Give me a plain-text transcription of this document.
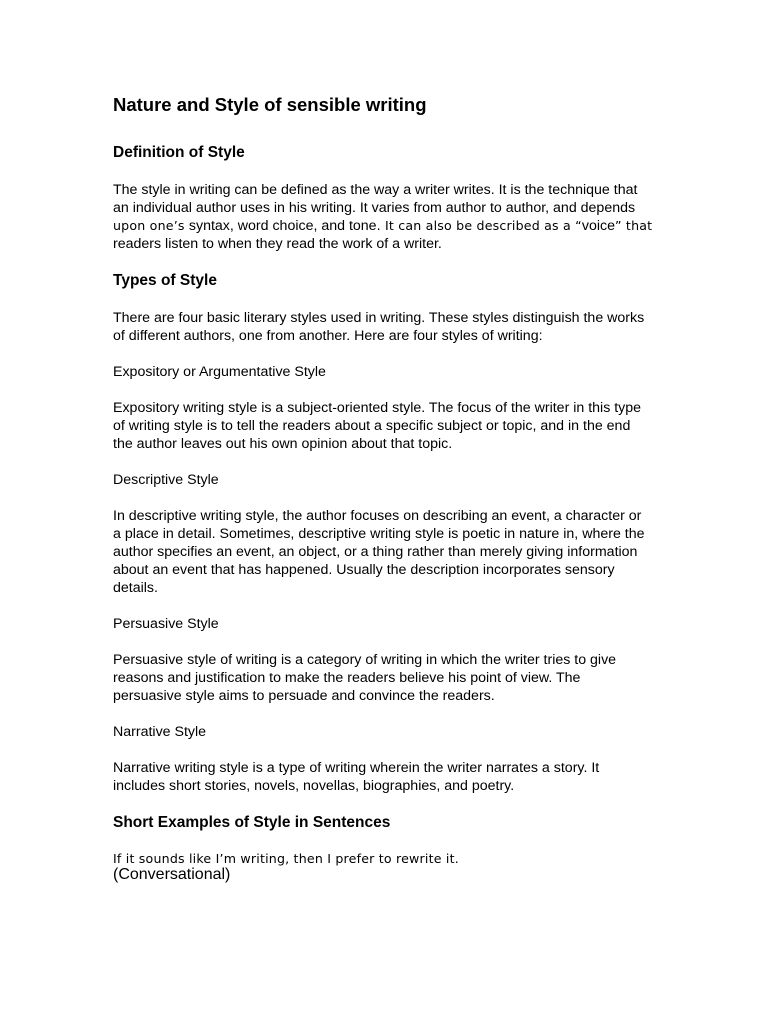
Nature and Style of sensible writing
Definition of Style

The style in writing can be defined as the way a writer writes. It is the technique that
an individual author uses in his writing. It varies from author to author, and depends
upon one’s syntax, word choice, and tone. It can also be described as a “voice” that
readers listen to when they read the work of a writer.

Types of Style

There are four basic literary styles used in writing. These styles distinguish the works
of different authors, one from another. Here are four styles of writing:

Expository or Argumentative Style

Expository writing style is a subject-oriented style. The focus of the writer in this type
of writing style is to tell the readers about a specific subject or topic, and in the end
the author leaves out his own opinion about that topic.

Descriptive Style

In descriptive writing style, the author focuses on describing an event, a character or
a place in detail. Sometimes, descriptive writing style is poetic in nature in, where the
author specifies an event, an object, or a thing rather than merely giving information
about an event that has happened. Usually the description incorporates sensory
details.

Persuasive Style

Persuasive style of writing is a category of writing in which the writer tries to give
reasons and justification to make the readers believe his point of view. The
persuasive style aims to persuade and convince the readers.

Narrative Style

Narrative writing style is a type of writing wherein the writer narrates a story. It
includes short stories, novels, novellas, biographies, and poetry.

Short Examples of Style in Sentences
If it sounds like I’m writing, then I prefer to rewrite it.
(Conversational)
